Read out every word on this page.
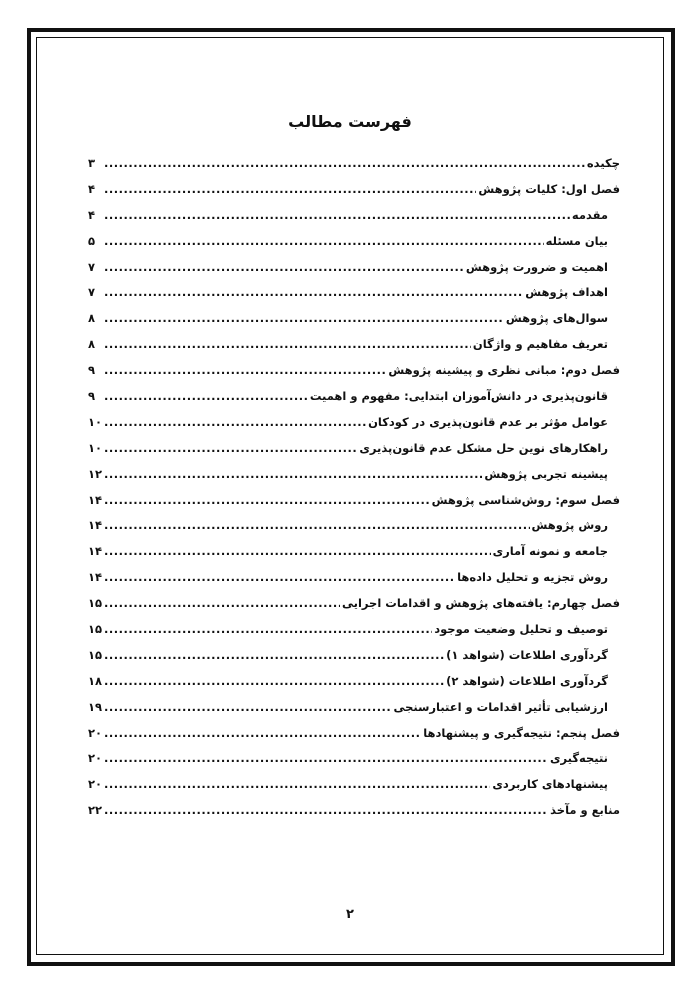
فهرست مطالب
چکیده
.....
۳
فصل اول: کلیات پژوهش
.....
۴
مقدمه
.....
۴
بیان مسئله
.....
۵
اهمیت و ضرورت پژوهش
.....
۷
اهداف پژوهش
.....
۷
سوال‌های پژوهش
.....
۸
تعریف مفاهیم و واژگان
.....
۸
فصل دوم: مبانی نظری و پیشینه پژوهش
.....
۹
قانون‌پذیری در دانش‌آموزان ابتدایی: مفهوم و اهمیت
.....
۹
عوامل مؤثر بر عدم قانون‌پذیری در کودکان
.....
۱۰
راهکارهای نوین حل مشکل عدم قانون‌پذیری
.....
۱۰
پیشینه تجربی پژوهش
.....
۱۲
فصل سوم: روش‌شناسی پژوهش
.....
۱۴
روش پژوهش
.....
۱۴
جامعه و نمونه آماری
.....
۱۴
روش تجزیه و تحلیل داده‌ها
.....
۱۴
فصل چهارم: یافته‌های پژوهش و اقدامات اجرایی
.....
۱۵
توصیف و تحلیل وضعیت موجود
.....
۱۵
گردآوری اطلاعات (شواهد ۱)
.....
۱۵
گردآوری اطلاعات (شواهد ۲)
.....
۱۸
ارزشیابی تأثیر اقدامات و اعتبارسنجی
.....
۱۹
فصل پنجم: نتیجه‌گیری و پیشنهادها
.....
۲۰
نتیجه‌گیری
.....
۲۰
پیشنهادهای کاربردی
.....
۲۰
منابع و مآخذ
.....
۲۲
۲
